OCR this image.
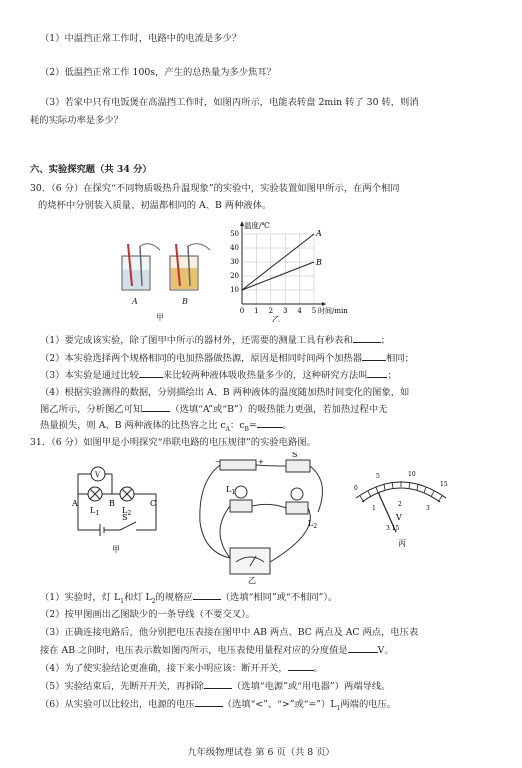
（1）中温挡正常工作时，电路中的电流是多少？
（2）低温挡正常工作 100s，产生的总热量为多少焦耳？
（3）若家中只有电饭煲在高温挡工作时，如图丙所示，电能表转盘 2min 转了 30 转，则消
耗的实际功率是多少？
六、实验探究题（共 34 分）
30．（6 分）在探究“不同物质吸热升温现象”的实验中，实验装置如图甲所示，在两个相同
的烧杯中分别装入质量、初温都相同的 A、B 两种液体。
A	B
甲
A
B
温度/℃
50
40
30
20
10
0 1 2 3 4 5 时间/min
乙
（1）要完成该实验，除了图甲中所示的器材外，还需要的测量工具有秒表和	；
（2）本实验选择两个规格相同的电加热器做热源，原因是相同时间两个加热器	相同；
（3）本实验是通过比较	来比较两种液体吸收热量多少的，这种研究方法叫 ；
（4）根据实验测得的数据，分别描绘出 A、B 两种液体的温度随加热时间变化的图象，如
图乙所示，分析图乙可知	（选填“A”或“B”）的吸热能力更强，若加热过程中无
热量损失，则 A、B 两种液体的比热容之比 $c_A$：$c_B=$	。
31．（6 分）如图甲是小明探究“串联电路的电压规律”的实验电路图。
V
A	B	C
$L_1$	$L_2$
S
甲
−	+
S
$L_1$
$L_2$
乙
0
5	10
15
1
2
3
V
3 15
丙
（1）实验时，灯 $L_1$和灯 $L_2$的规格应	（选填“相同”或“不相同”）。
（2）按甲图画出乙图缺少的一条导线（不要交叉）。
（3）正确连接电路后，他分别把电压表接在图甲中 AB 两点、BC 两点及 AC 两点，电压表
接在 AB 之间时，电压表示数如图丙所示，电压表使用量程对应的分度值是	V。
（4）为了使实验结论更准确，接下来小明应该：断开开关，	。
（5）实验结束后，先断开开关，再拆除	（选填“电源”或“用电器”）两端导线。
（6）从实验可以比较出，电源的电压	（选填“<”、“>”或“$=”)L_1$两端的电压。
九年级物理试卷 第 6 页（共 8 页）
